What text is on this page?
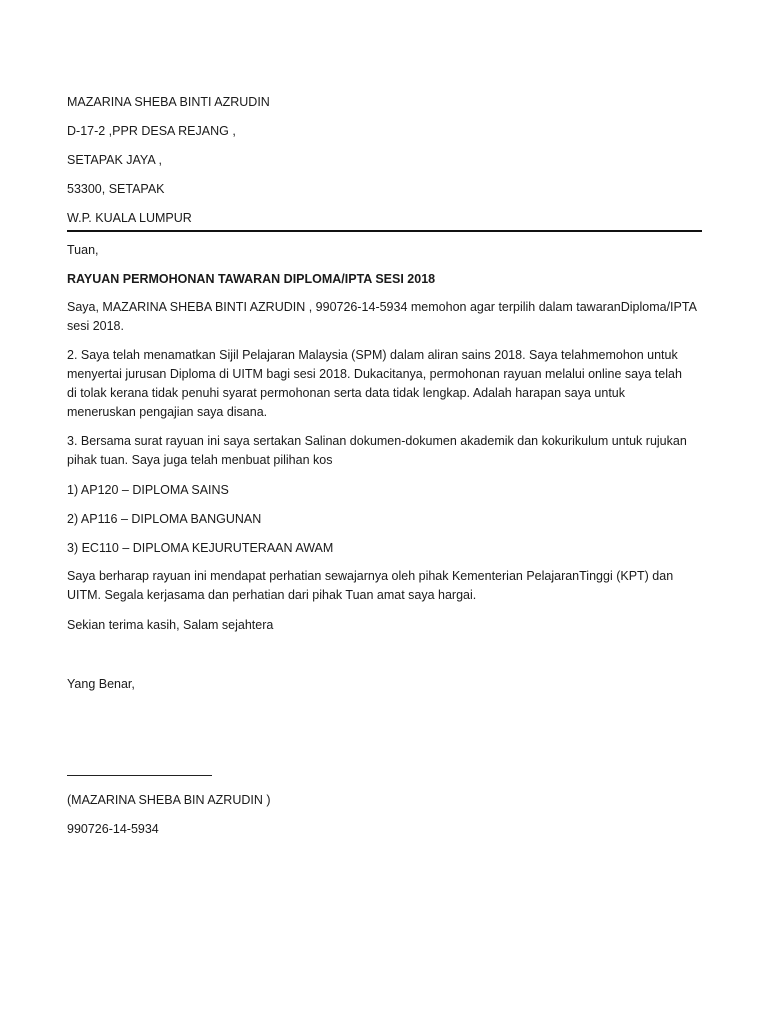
MAZARINA SHEBA BINTI AZRUDIN
D-17-2 ,PPR DESA REJANG ,
SETAPAK JAYA ,
53300, SETAPAK
W.P. KUALA LUMPUR
Tuan,
RAYUAN PERMOHONAN TAWARAN DIPLOMA/IPTA SESI 2018
Saya, MAZARINA SHEBA BINTI AZRUDIN , 990726-14-5934 memohon agar terpilih dalam tawaranDiploma/IPTA
sesi 2018.
2. Saya telah menamatkan Sijil Pelajaran Malaysia (SPM) dalam aliran sains 2018. Saya telahmemohon untuk
menyertai jurusan Diploma di UITM bagi sesi 2018. Dukacitanya, permohonan rayuan melalui online saya telah
di tolak kerana tidak penuhi syarat permohonan serta data tidak lengkap. Adalah harapan saya untuk
meneruskan pengajian saya disana.
3. Bersama surat rayuan ini saya sertakan Salinan dokumen-dokumen akademik dan kokurikulum untuk rujukan
pihak tuan. Saya juga telah menbuat pilihan kos
1) AP120 – DIPLOMA SAINS
2) AP116 – DIPLOMA BANGUNAN
3) EC110 – DIPLOMA KEJURUTERAAN AWAM
Saya berharap rayuan ini mendapat perhatian sewajarnya oleh pihak Kementerian PelajaranTinggi (KPT) dan
UITM. Segala kerjasama dan perhatian dari pihak Tuan amat saya hargai.
Sekian terima kasih, Salam sejahtera
Yang Benar,
(MAZARINA SHEBA BIN AZRUDIN )
990726-14-5934
